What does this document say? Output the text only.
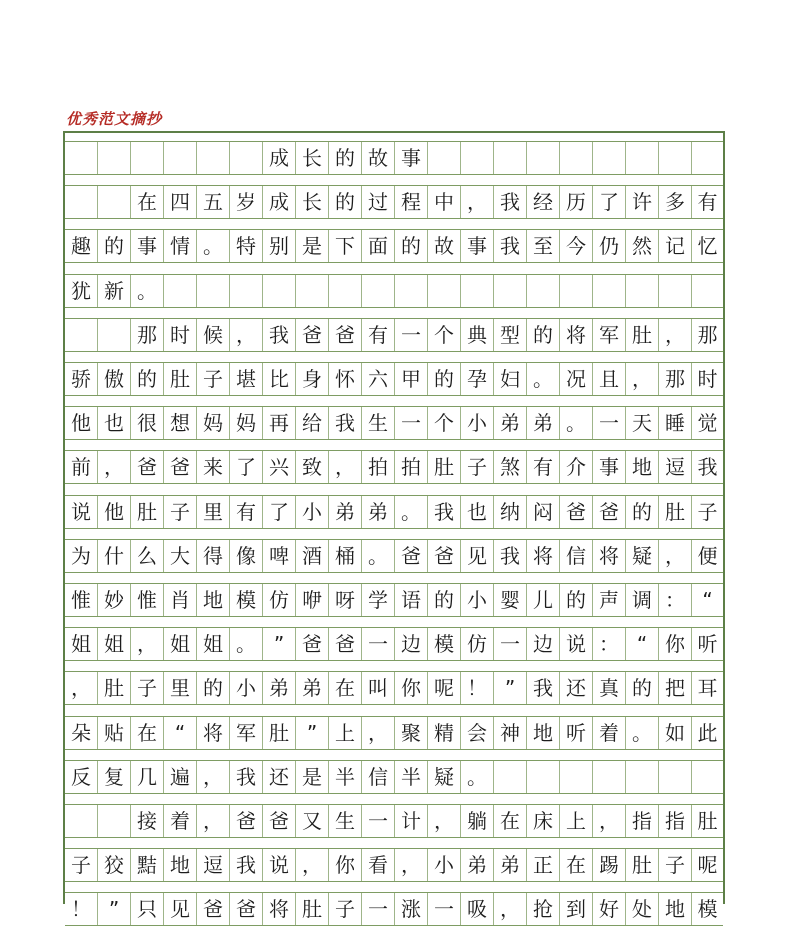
优秀范文摘抄
成 长 的 故 事
在 四 五 岁 成 长 的 过 程 中 ， 我 经 历 了 许 多 有
趣 的 事 情 。 特 别 是 下 面 的 故 事 我 至 今 仍 然 记 忆
犹 新 。
那 时 候 ， 我 爸 爸 有 一 个 典 型 的 将 军 肚 ， 那
骄 傲 的 肚 子 堪 比 身 怀 六 甲 的 孕 妇 。 况 且 ， 那 时
他 也 很 想 妈 妈 再 给 我 生 一 个 小 弟 弟 。 一 天 睡 觉
前 ， 爸 爸 来 了 兴 致 ， 拍 拍 肚 子 煞 有 介 事 地 逗 我
说 他 肚 子 里 有 了 小 弟 弟 。 我 也 纳 闷 爸 爸 的 肚 子
为 什 么 大 得 像 啤 酒 桶 。 爸 爸 见 我 将 信 将 疑 ， 便
惟 妙 惟 肖 地 模 仿 咿 呀 学 语 的 小 婴 儿 的 声 调 ： “
姐 姐 ， 姐 姐 。 ” 爸 爸 一 边 模 仿 一 边 说 ： “ 你 听
， 肚 子 里 的 小 弟 弟 在 叫 你 呢 ！ ” 我 还 真 的 把 耳
朵 贴 在 “ 将 军 肚 ” 上 ， 聚 精 会 神 地 听 着 。 如 此
反 复 几 遍 ， 我 还 是 半 信 半 疑 。
接 着 ， 爸 爸 又 生 一 计 ， 躺 在 床 上 ， 指 指 肚
子 狡 黠 地 逗 我 说 ， 你 看 ， 小 弟 弟 正 在 踢 肚 子 呢
！ ” 只 见 爸 爸 将 肚 子 一 涨 一 吸 ， 抢 到 好 处 地 模
